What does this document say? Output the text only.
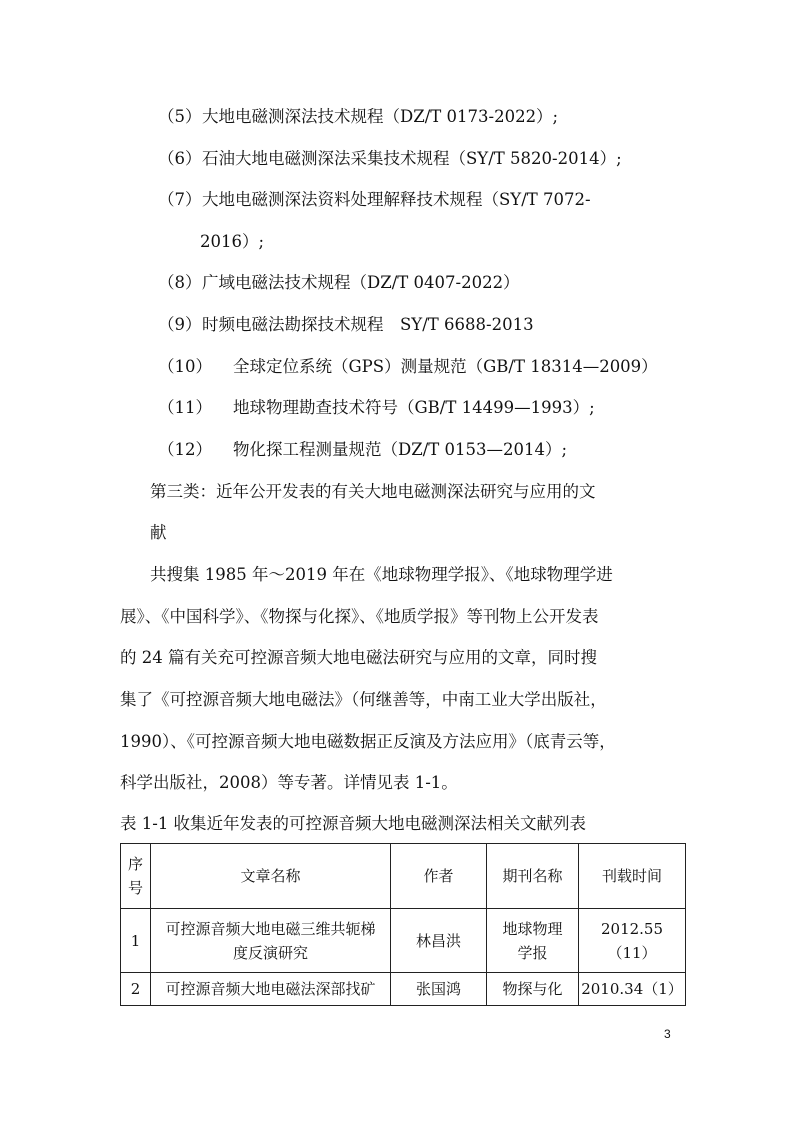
（5）大地电磁测深法技术规程（DZ/T 0173-2022）;
（6）石油大地电磁测深法采集技术规程（SY/T 5820-2014）;
（7）大地电磁测深法资料处理解释技术规程（SY/T 7072-
2016）;
（8）广域电磁法技术规程（DZ/T 0407-2022）
（9）时频电磁法勘探技术规程　SY/T 6688-2013
（10） 全球定位系统（GPS）测量规范（GB/T 18314—2009）
（11） 地球物理勘查技术符号（GB/T 14499—1993）;
（12） 物化探工程测量规范（DZ/T 0153—2014）;
第三类：近年公开发表的有关大地电磁测深法研究与应用的文
献
共搜集 1985 年～2019 年在《地球物理学报》、《地球物理学进
展》、《中国科学》、《物探与化探》、《地质学报》等刊物上公开发表
的 24 篇有关充可控源音频大地电磁法研究与应用的文章，同时搜
集了《可控源音频大地电磁法》（何继善等，中南工业大学出版社，
1990）、《可控源音频大地电磁数据正反演及方法应用》（底青云等，
科学出版社，2008）等专著。详情见表 1-1。
表 1-1 收集近年发表的可控源音频大地电磁测深法相关文献列表
序
号	文章名称	作者	期刊名称	刊载时间
1	可控源音频大地电磁三维共轭梯
度反演研究	林昌洪	地球物理
学报	2012.55
（11）

2	可控源音频大地电磁法深部找矿	张国鸿	物探与化	2010.34（1）
3
